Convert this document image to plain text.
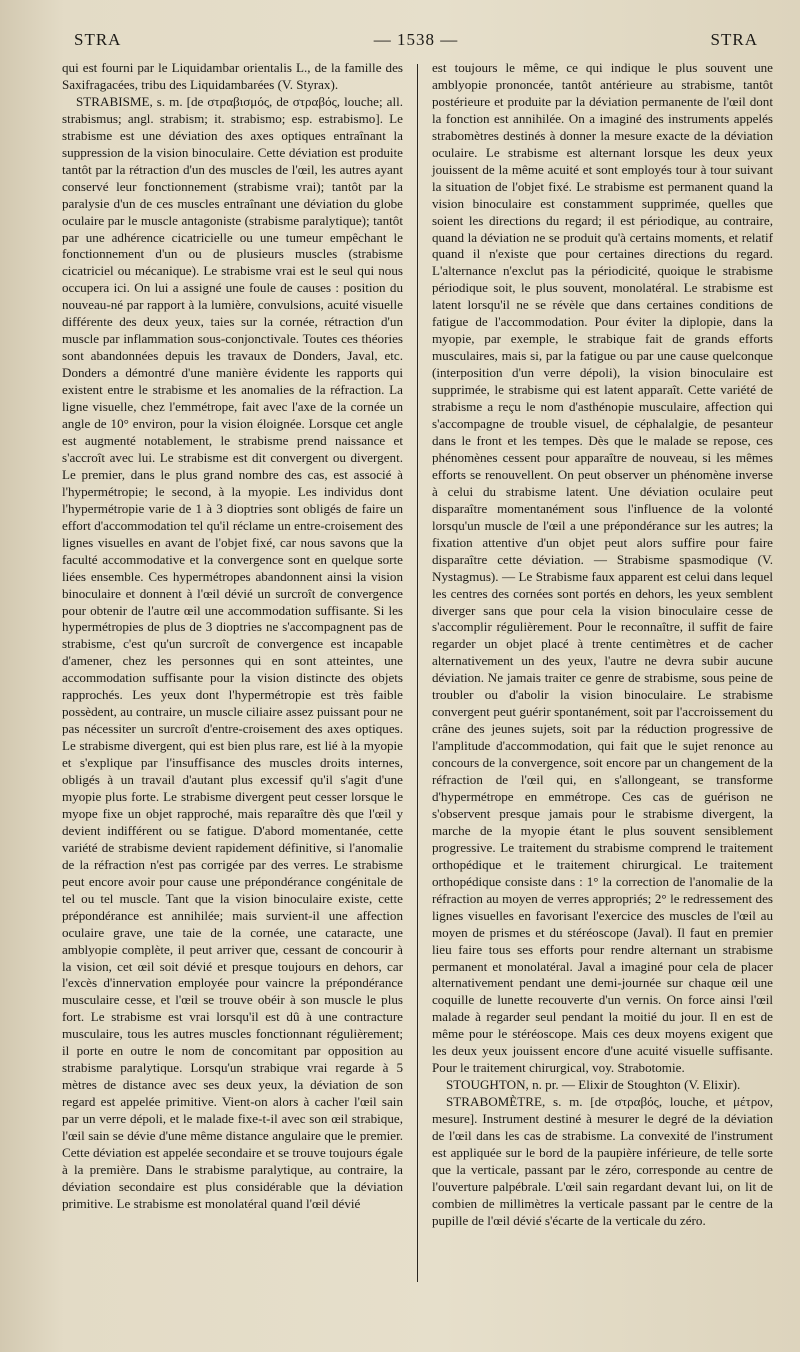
STRA	— 1538 —	STRA

qui est fourni par le Liquidambar orientalis L., de la famille des Saxifragacées, tribu des Liquidambarées (V. Styrax).

STRABISME, s. m. [de στραβισμός, de στραβός, louche; all. strabismus; angl. strabism; it. strabismo; esp. estrabismo]. Le strabisme est une déviation des axes optiques entraînant la suppression de la vision binoculaire. Cette déviation est produite tantôt par la rétraction d'un des muscles de l'œil, les autres ayant conservé leur fonctionnement (strabisme vrai); tantôt par la paralysie d'un de ces muscles entraînant une déviation du globe oculaire par le muscle antagoniste (strabisme paralytique); tantôt par une adhérence cicatricielle ou une tumeur empêchant le fonctionnement d'un ou de plusieurs muscles (strabisme cicatriciel ou mécanique). Le strabisme vrai est le seul qui nous occupera ici. On lui a assigné une foule de causes : position du nouveau-né par rapport à la lumière, convulsions, acuité visuelle différente des deux yeux, taies sur la cornée, rétraction d'un muscle par inflammation sous-conjonctivale. Toutes ces théories sont abandonnées depuis les travaux de Donders, Javal, etc. Donders a démontré d'une manière évidente les rapports qui existent entre le strabisme et les anomalies de la réfraction. La ligne visuelle, chez l'emmétrope, fait avec l'axe de la cornée un angle de 10° environ, pour la vision éloignée. Lorsque cet angle est augmenté notablement, le strabisme prend naissance et s'accroît avec lui. Le strabisme est dit convergent ou divergent. Le premier, dans le plus grand nombre des cas, est associé à l'hypermétropie; le second, à la myopie. Les individus dont l'hypermétropie varie de 1 à 3 dioptries sont obligés de faire un effort d'accommodation tel qu'il réclame un entre-croisement des lignes visuelles en avant de l'objet fixé, car nous savons que la faculté accommodative et la convergence sont en quelque sorte liées ensemble. Ces hypermétropes abandonnent ainsi la vision binoculaire et donnent à l'œil dévié un surcroît de convergence pour obtenir de l'autre œil une accommodation suffisante. Si les hypermétropies de plus de 3 dioptries ne s'accompagnent pas de strabisme, c'est qu'un surcroît de convergence est incapable d'amener, chez les personnes qui en sont atteintes, une accommodation suffisante pour la vision distincte des objets rapprochés. Les yeux dont l'hypermétropie est très faible possèdent, au contraire, un muscle ciliaire assez puissant pour ne pas nécessiter un surcroît d'entre-croisement des axes optiques. Le strabisme divergent, qui est bien plus rare, est lié à la myopie et s'explique par l'insuffisance des muscles droits internes, obligés à un travail d'autant plus excessif qu'il s'agit d'une myopie plus forte. Le strabisme divergent peut cesser lorsque le myope fixe un objet rapproché, mais reparaître dès que l'œil y devient indifférent ou se fatigue. D'abord momentanée, cette variété de strabisme devient rapidement définitive, si l'anomalie de la réfraction n'est pas corrigée par des verres. Le strabisme peut encore avoir pour cause une prépondérance congénitale de tel ou tel muscle. Tant que la vision binoculaire existe, cette prépondérance est annihilée; mais survient-il une affection oculaire grave, une taie de la cornée, une cataracte, une amblyopie complète, il peut arriver que, cessant de concourir à la vision, cet œil soit dévié et presque toujours en dehors, car l'excès d'innervation employée pour vaincre la prépondérance musculaire cesse, et l'œil se trouve obéir à son muscle le plus fort. Le strabisme est vrai lorsqu'il est dû à une contracture musculaire, tous les autres muscles fonctionnant régulièrement; il porte en outre le nom de concomitant par opposition au strabisme paralytique. Lorsqu'un strabique vrai regarde à 5 mètres de distance avec ses deux yeux, la déviation de son regard est appelée primitive. Vient-on alors à cacher l'œil sain par un verre dépoli, et le malade fixe-t-il avec son œil strabique, l'œil sain se dévie d'une même distance angulaire que le premier. Cette déviation est appelée secondaire et se trouve toujours égale à la première. Dans le strabisme paralytique, au contraire, la déviation secondaire est plus considérable que la déviation primitive. Le strabisme est monolatéral quand l'œil dévié

est toujours le même, ce qui indique le plus souvent une amblyopie prononcée, tantôt antérieure au strabisme, tantôt postérieure et produite par la déviation permanente de l'œil dont la fonction est annihilée. On a imaginé des instruments appelés strabomètres destinés à donner la mesure exacte de la déviation oculaire. Le strabisme est alternant lorsque les deux yeux jouissent de la même acuité et sont employés tour à tour suivant la situation de l'objet fixé. Le strabisme est permanent quand la vision binoculaire est constamment supprimée, quelles que soient les directions du regard; il est périodique, au contraire, quand la déviation ne se produit qu'à certains moments, et relatif quand il n'existe que pour certaines directions du regard. L'alternance n'exclut pas la périodicité, quoique le strabisme périodique soit, le plus souvent, monolatéral. Le strabisme est latent lorsqu'il ne se révèle que dans certaines conditions de fatigue de l'accommodation. Pour éviter la diplopie, dans la myopie, par exemple, le strabique fait de grands efforts musculaires, mais si, par la fatigue ou par une cause quelconque (interposition d'un verre dépoli), la vision binoculaire est supprimée, le strabisme qui est latent apparaît. Cette variété de strabisme a reçu le nom d'asthénopie musculaire, affection qui s'accompagne de trouble visuel, de céphalalgie, de pesanteur dans le front et les tempes. Dès que le malade se repose, ces phénomènes cessent pour apparaître de nouveau, si les mêmes efforts se renouvellent. On peut observer un phénomène inverse à celui du strabisme latent. Une déviation oculaire peut disparaître momentanément sous l'influence de la volonté lorsqu'un muscle de l'œil a une prépondérance sur les autres; la fixation attentive d'un objet peut alors suffire pour faire disparaître cette déviation. — Strabisme spasmodique (V. Nystagmus). — Le Strabisme faux apparent est celui dans lequel les centres des cornées sont portés en dehors, les yeux semblent diverger sans que pour cela la vision binoculaire cesse de s'accomplir régulièrement. Pour le reconnaître, il suffit de faire regarder un objet placé à trente centimètres et de cacher alternativement un des yeux, l'autre ne devra subir aucune déviation. Ne jamais traiter ce genre de strabisme, sous peine de troubler ou d'abolir la vision binoculaire. Le strabisme convergent peut guérir spontanément, soit par l'accroissement du crâne des jeunes sujets, soit par la réduction progressive de l'amplitude d'accommodation, qui fait que le sujet renonce au concours de la convergence, soit encore par un changement de la réfraction de l'œil qui, en s'allongeant, se transforme d'hypermétrope en emmétrope. Ces cas de guérison ne s'observent presque jamais pour le strabisme divergent, la marche de la myopie étant le plus souvent sensiblement progressive. Le traitement du strabisme comprend le traitement orthopédique et le traitement chirurgical. Le traitement orthopédique consiste dans : 1° la correction de l'anomalie de la réfraction au moyen de verres appropriés; 2° le redressement des lignes visuelles en favorisant l'exercice des muscles de l'œil au moyen de prismes et du stéréoscope (Javal). Il faut en premier lieu faire tous ses efforts pour rendre alternant un strabisme permanent et monolatéral. Javal a imaginé pour cela de placer alternativement pendant une demi-journée sur chaque œil une coquille de lunette recouverte d'un vernis. On force ainsi l'œil malade à regarder seul pendant la moitié du jour. Il en est de même pour le stéréoscope. Mais ces deux moyens exigent que les deux yeux jouissent encore d'une acuité visuelle suffisante. Pour le traitement chirurgical, voy. Strabotomie.

STOUGHTON, n. pr. — Elixir de Stoughton (V. Elixir).

STRABOMÈTRE, s. m. [de στραβός, louche, et μέτρον, mesure]. Instrument destiné à mesurer le degré de la déviation de l'œil dans les cas de strabisme. La convexité de l'instrument est appliquée sur le bord de la paupière inférieure, de telle sorte que la verticale, passant par le zéro, corresponde au centre de l'ouverture palpébrale. L'œil sain regardant devant lui, on lit de combien de millimètres la verticale passant par le centre de la pupille de l'œil dévié s'écarte de la verticale du zéro.
